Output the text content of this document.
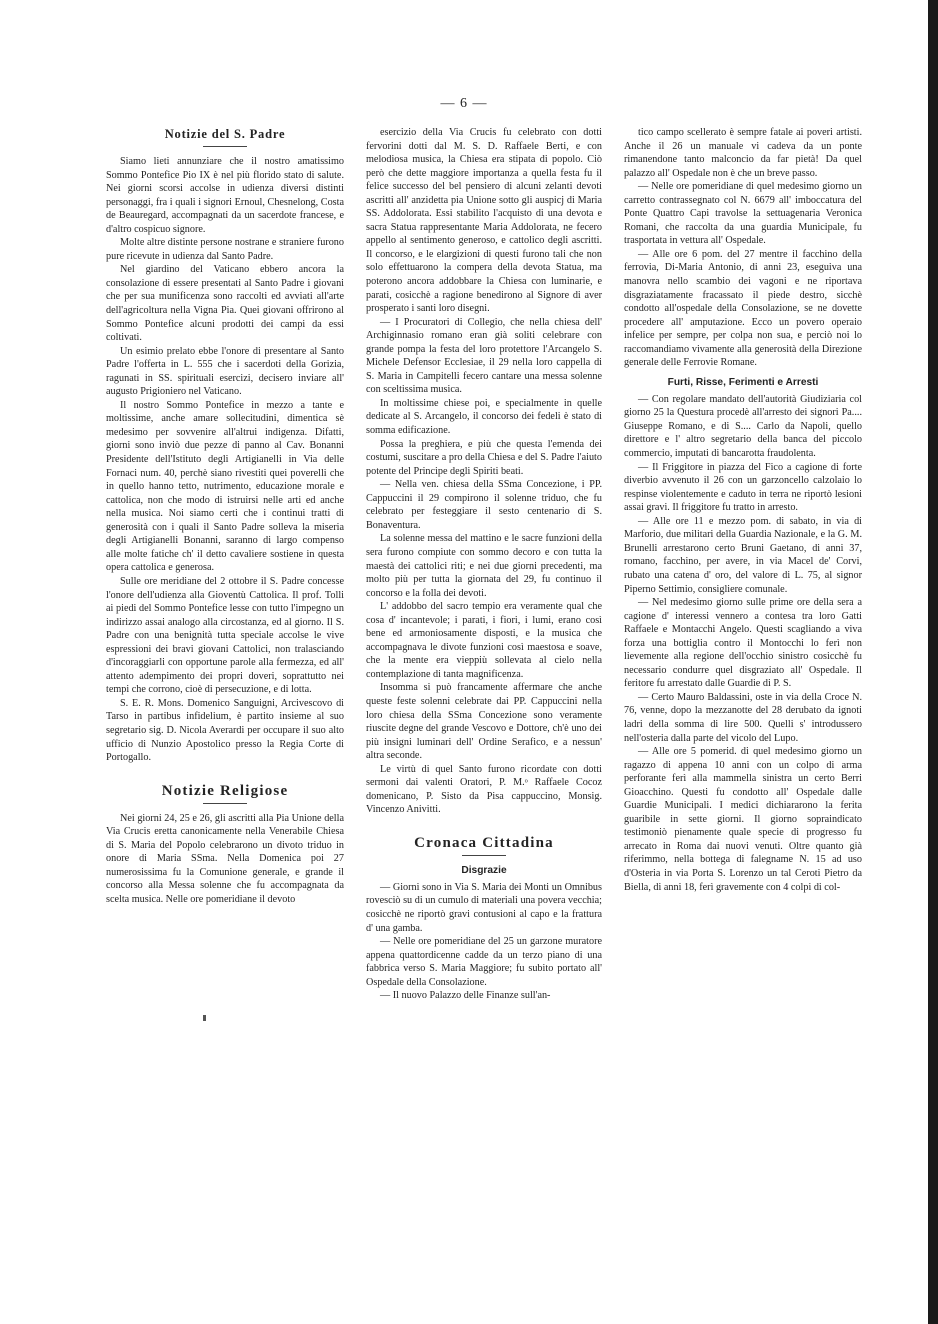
— 6 —
Notizie del S. Padre

Siamo lieti annunziare che il nostro amatissimo Sommo Pontefice Pio IX è nel più florido stato di salute. Nei giorni scorsi accolse in udienza diversi distinti personaggi, fra i quali i signori Ernoul, Chesnelong, Costa de Beauregard, accompagnati da un sacerdote francese, e d'altro cospicuo signore.

Molte altre distinte persone nostrane e straniere furono pure ricevute in udienza dal Santo Padre.

Nel giardino del Vaticano ebbero ancora la consolazione di essere presentati al Santo Padre i giovani che per sua munificenza sono raccolti ed avviati all'arte dell'agricoltura nella Vigna Pia. Quei giovani offrirono al Sommo Pontefice alcuni prodotti dei campi da essi coltivati.

Un esimio prelato ebbe l'onore di presentare al Santo Padre l'offerta in L. 555 che i sacerdoti della Gorizia, ragunati in SS. spirituali esercizi, decisero inviare all' augusto Prigioniero nel Vaticano.

Il nostro Sommo Pontefice in mezzo a tante e moltissime, anche amare sollecitudini, dimentica sè medesimo per sovvenire all'altrui indigenza. Difatti, giorni sono inviò due pezze di panno al Cav. Bonanni Presidente dell'Istituto degli Artigianelli in Via delle Fornaci num. 40, perchè siano rivestiti quei poverelli che in quello hanno tetto, nutrimento, educazione morale e cattolica, non che modo di istruirsi nelle arti ed anche nella musica. Noi siamo certi che i continui tratti di generosità con i quali il Santo Padre solleva la miseria degli Artigianelli Bonanni, saranno di largo compenso alle molte fatiche ch' il detto cavaliere sostiene in questa opera cattolica e generosa.

Sulle ore meridiane del 2 ottobre il S. Padre concesse l'onore dell'udienza alla Gioventù Cattolica. Il prof. Tolli ai piedi del Sommo Pontefice lesse con tutto l'impegno un indirizzo assai analogo alla circostanza, ed al giorno. Il S. Padre con una benignità tutta speciale accolse le vive espressioni dei bravi giovani Cattolici, non tralasciando d'incoraggiarli con opportune parole alla fermezza, ed all' attento adempimento dei propri doveri, soprattutto nei tempi che corrono, cioè di persecuzione, e di lotta.

S. E. R. Mons. Domenico Sanguigni, Arcivescovo di Tarso in partibus infidelium, è partito insieme al suo segretario sig. D. Nicola Averardi per occupare il suo alto ufficio di Nunzio Apostolico presso la Regia Corte di Portogallo.

Notizie Religiose

Nei giorni 24, 25 e 26, gli ascritti alla Pia Unione della Via Crucis eretta canonicamente nella Venerabile Chiesa di S. Maria del Popolo celebrarono un divoto triduo in onore di Maria SSma. Nella Domenica poi 27 numerosissima fu la Comunione generale, e grande il concorso alla Messa solenne che fu accompagnata da scelta musica. Nelle ore pomeridiane il devoto

esercizio della Via Crucis fu celebrato con dotti fervorini dotti dal M. S. D. Raffaele Berti, e con melodiosa musica, la Chiesa era stipata di popolo. Ciò però che dette maggiore importanza a quella festa fu il felice successo del bel pensiero di alcuni zelanti devoti ascritti all' anzidetta pia Unione sotto gli auspicj di Maria SS. Addolorata. Essi stabilito l'acquisto di una devota e sacra Statua rappresentante Maria Addolorata, ne fecero appello al sentimento generoso, e cattolico degli ascritti. Il concorso, e le elargizioni di questi furono tali che non solo effettuarono la compera della devota Statua, ma poterono ancora addobbare la Chiesa con luminarie, e parati, cosicchè a ragione benedirono al Signore di aver prosperato i santi loro disegni.

— I Procuratori di Collegio, che nella chiesa dell' Archiginnasio romano eran già soliti celebrare con grande pompa la festa del loro protettore l'Arcangelo S. Michele Defensor Ecclesiae, il 29 nella loro cappella di S. Maria in Campitelli fecero cantare una messa solenne con sceltissima musica.

In moltissime chiese poi, e specialmente in quelle dedicate al S. Arcangelo, il concorso dei fedeli è stato di somma edificazione.

Possa la preghiera, e più che questa l'emenda dei costumi, suscitare a pro della Chiesa e del S. Padre l'aiuto potente del Principe degli Spiriti beati.

— Nella ven. chiesa della SSma Concezione, i PP. Cappuccini il 29 compirono il solenne triduo, che fu celebrato per festeggiare il sesto centenario di S. Bonaventura.

La solenne messa del mattino e le sacre funzioni della sera furono compiute con sommo decoro e con tutta la maestà dei cattolici riti; e nei due giorni precedenti, ma molto più per tutta la giornata del 29, fu continuo il concorso e la folla dei devoti.

L' addobbo del sacro tempio era veramente qual che cosa d' incantevole; i parati, i fiori, i lumi, erano così bene ed armoniosamente disposti, e la musica che accompagnava le divote funzioni così maestosa e soave, che la mente era vieppiù sollevata al cielo nella contemplazione di tanta magnificenza.

Insomma si può francamente affermare che anche queste feste solenni celebrate dai PP. Cappuccini nella loro chiesa della SSma Concezione sono veramente riuscite degne del grande Vescovo e Dottore, ch'è uno dei più insigni luminari dell' Ordine Serafico, e a nessun' altra seconde.

Le virtù di quel Santo furono ricordate con dotti sermoni dai valenti Oratori, P. M.ᵒ Raffaele Cocoz domenicano, P. Sisto da Pisa cappuccino, Monsig. Vincenzo Anivitti.

Cronaca Cittadina
Disgrazie

— Giorni sono in Via S. Maria dei Monti un Omnibus rovesciò su di un cumulo di materiali una povera vecchia; cosicchè ne riportò gravi contusioni al capo e la frattura d' una gamba.

— Nelle ore pomeridiane del 25 un garzone muratore appena quattordicenne cadde da un terzo piano di una fabbrica verso S. Maria Maggiore; fu subito portato all' Ospedale della Consolazione.

— Il nuovo Palazzo delle Finanze sull'an-

tico campo scellerato è sempre fatale ai poveri artisti. Anche il 26 un manuale vi cadeva da un ponte rimanendone tanto malconcio da far pietà! Da quel palazzo all' Ospedale non è che un breve passo.

— Nelle ore pomeridiane di quel medesimo giorno un carretto contrassegnato col N. 6679 all' imboccatura del Ponte Quattro Capi travolse la settuagenaria Veronica Romani, che raccolta da una guardia Municipale, fu trasportata in vettura all' Ospedale.

— Alle ore 6 pom. del 27 mentre il facchino della ferrovia, Di-Maria Antonio, di anni 23, eseguiva una manovra nello scambio dei vagoni e ne riportava disgraziatamente fracassato il piede destro, sicchè condotto all'ospedale della Consolazione, se ne dovette procedere all' amputazione. Ecco un povero operaio infelice per sempre, per colpa non sua, e perciò noi lo raccomandiamo vivamente alla generosità della Direzione generale delle Ferrovie Romane.

Furti, Risse, Ferimenti e Arresti

— Con regolare mandato dell'autorità Giudiziaria col giorno 25 la Questura procedè all'arresto dei signori Pa.... Giuseppe Romano, e di S.... Carlo da Napoli, quello direttore e l' altro segretario della banca del piccolo commercio, imputati di bancarotta fraudolenta.

— Il Friggitore in piazza del Fico a cagione di forte diverbio avvenuto il 26 con un garzoncello calzolaio lo respinse violentemente e caduto in terra ne riportò lesioni assai gravi. Il friggitore fu tratto in arresto.

— Alle ore 11 e mezzo pom. di sabato, in via di Marforio, due militari della Guardia Nazionale, e la G. M. Brunelli arrestarono certo Bruni Gaetano, di anni 37, romano, facchino, per avere, in via Macel de' Corvi, rubato una catena d' oro, del valore di L. 75, al signor Piperno Settimio, consigliere comunale.

— Nel medesimo giorno sulle prime ore della sera a cagione d' interessi vennero a contesa tra loro Gatti Raffaele e Montacchi Angelo. Questi scagliando a viva forza una bottiglia contro il Montocchi lo ferì non lievemente alla regione dell'occhio sinistro cosicchè fu necessario condurre quel disgraziato all' Ospedale. Il feritore fu arrestato dalle Guardie di P. S.

— Certo Mauro Baldassini, oste in via della Croce N. 76, venne, dopo la mezzanotte del 28 derubato da ignoti ladri della somma di lire 500. Quelli s' introdussero nell'osteria dalla parte del vicolo del Lupo.

— Alle ore 5 pomerid. di quel medesimo giorno un ragazzo di appena 10 anni con un colpo di arma perforante ferì alla mammella sinistra un certo Berri Gioacchino. Questi fu condotto all' Ospedale dalle Guardie Municipali. I medici dichiararono la ferita guaribile in sette giorni. Il giorno sopraindicato testimoniò pienamente quale specie di progresso fu arrecato in Roma dai nuovi venuti. Oltre quanto già riferimmo, nella bottega di falegname N. 15 ad uso d'Osteria in via Porta S. Lorenzo un tal Ceroti Pietro da Biella, di anni 18, ferì gravemente con 4 colpi di col-
